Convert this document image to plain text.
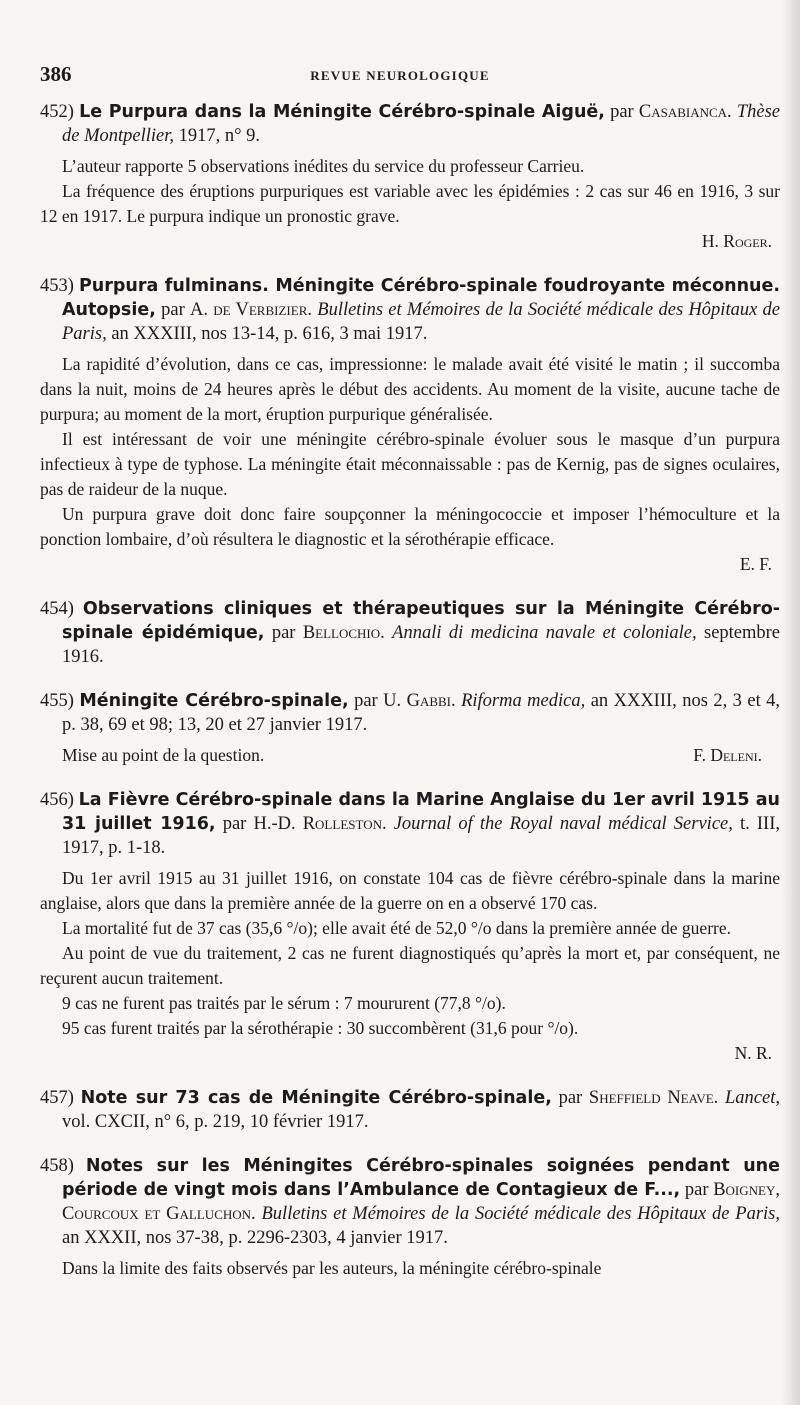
386	REVUE NEUROLOGIQUE

452) Le Purpura dans la Méningite Cérébro-spinale Aiguë, par Casabianca. Thèse de Montpellier, 1917, n° 9.

L’auteur rapporte 5 observations inédites du service du professeur Carrieu.

La fréquence des éruptions purpuriques est variable avec les épidémies : 2 cas sur 46 en 1916, 3 sur 12 en 1917. Le purpura indique un pronostic grave.

H. Roger.

453) Purpura fulminans. Méningite Cérébro-spinale foudroyante méconnue. Autopsie, par A. de Verbizier. Bulletins et Mémoires de la Société médicale des Hôpitaux de Paris, an XXXIII, nos 13-14, p. 616, 3 mai 1917.

La rapidité d’évolution, dans ce cas, impressionne: le malade avait été visité le matin ; il succomba dans la nuit, moins de 24 heures après le début des accidents. Au moment de la visite, aucune tache de purpura; au moment de la mort, éruption purpurique généralisée.

Il est intéressant de voir une méningite cérébro-spinale évoluer sous le masque d’un purpura infectieux à type de typhose. La méningite était méconnaissable : pas de Kernig, pas de signes oculaires, pas de raideur de la nuque.

Un purpura grave doit donc faire soupçonner la méningococcie et imposer l’hémoculture et la ponction lombaire, d’où résultera le diagnostic et la sérothérapie efficace.

E. F.

454) Observations cliniques et thérapeutiques sur la Méningite Cérébro-spinale épidémique, par Bellochio. Annali di medicina navale et coloniale, septembre 1916.

455) Méningite Cérébro-spinale, par U. Gabbi. Riforma medica, an XXXIII, nos 2, 3 et 4, p. 38, 69 et 98; 13, 20 et 27 janvier 1917.

Mise au point de la question.	F. Deleni.

456) La Fièvre Cérébro-spinale dans la Marine Anglaise du 1er avril 1915 au 31 juillet 1916, par H.-D. Rolleston. Journal of the Royal naval médical Service, t. III, 1917, p. 1-18.

Du 1er avril 1915 au 31 juillet 1916, on constate 104 cas de fièvre cérébro-spinale dans la marine anglaise, alors que dans la première année de la guerre on en a observé 170 cas.

La mortalité fut de 37 cas (35,6 °/o); elle avait été de 52,0 °/o dans la première année de guerre.

Au point de vue du traitement, 2 cas ne furent diagnostiqués qu’après la mort et, par conséquent, ne reçurent aucun traitement.

9 cas ne furent pas traités par le sérum : 7 moururent (77,8 °/o).

95 cas furent traités par la sérothérapie : 30 succombèrent (31,6 pour °/o).

N. R.

457) Note sur 73 cas de Méningite Cérébro-spinale, par Sheffield Neave. Lancet, vol. CXCII, n° 6, p. 219, 10 février 1917.

458) Notes sur les Méningites Cérébro-spinales soignées pendant une période de vingt mois dans l’Ambulance de Contagieux de F..., par Boigney, Courcoux et Galluchon. Bulletins et Mémoires de la Société médicale des Hôpitaux de Paris, an XXXII, nos 37-38, p. 2296-2303, 4 janvier 1917.

Dans la limite des faits observés par les auteurs, la méningite cérébro-spinale
